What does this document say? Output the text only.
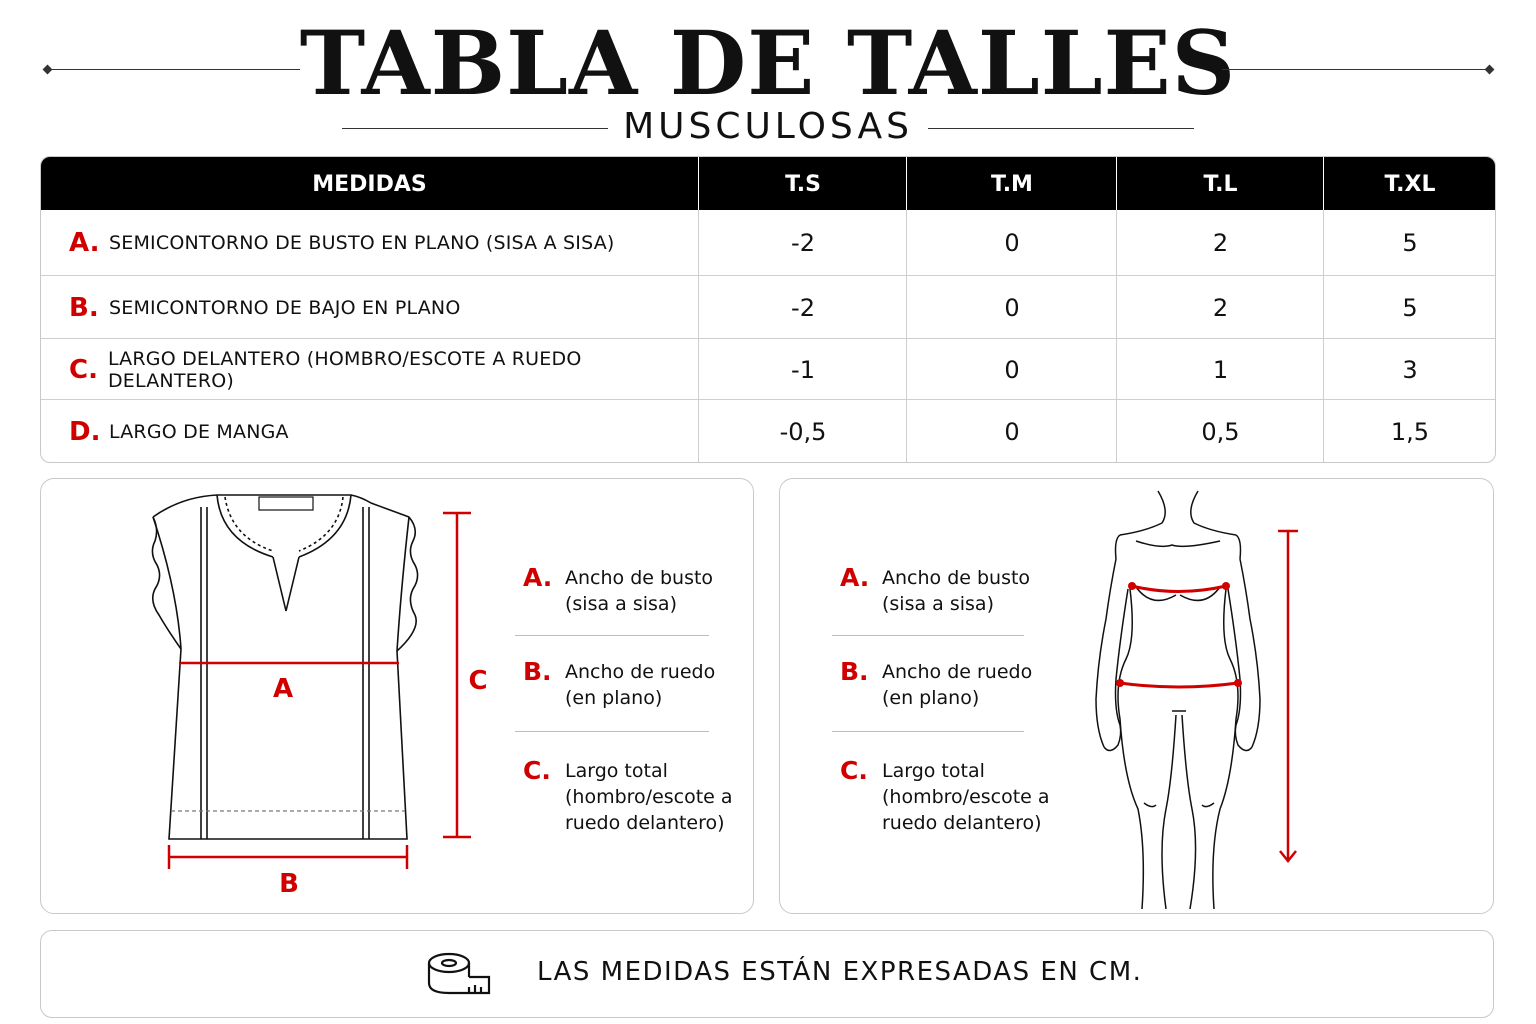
TABLA DE TALLES
MUSCULOSAS
MEDIDAS	T.S	T.M	T.L	T.XL
A. SEMICONTORNO DE BUSTO EN PLANO (SISA A SISA)	-2	0	2	5
B. SEMICONTORNO DE BAJO EN PLANO	-2	0	2	5
C. LARGO DELANTERO (HOMBRO/ESCOTE A RUEDO DELANTERO)	-1	0	1	3
D. LARGO DE MANGA	-0,5	0	0,5	1,5
A	C
B
A. Ancho de busto
(sisa a sisa)
B. Ancho de ruedo
(en plano)
C. Largo total
(hombro/escote a
ruedo delantero)
A. Ancho de busto
(sisa a sisa)
B. Ancho de ruedo
(en plano)
C. Largo total
(hombro/escote a
ruedo delantero)
LAS MEDIDAS ESTÁN EXPRESADAS EN CM.
